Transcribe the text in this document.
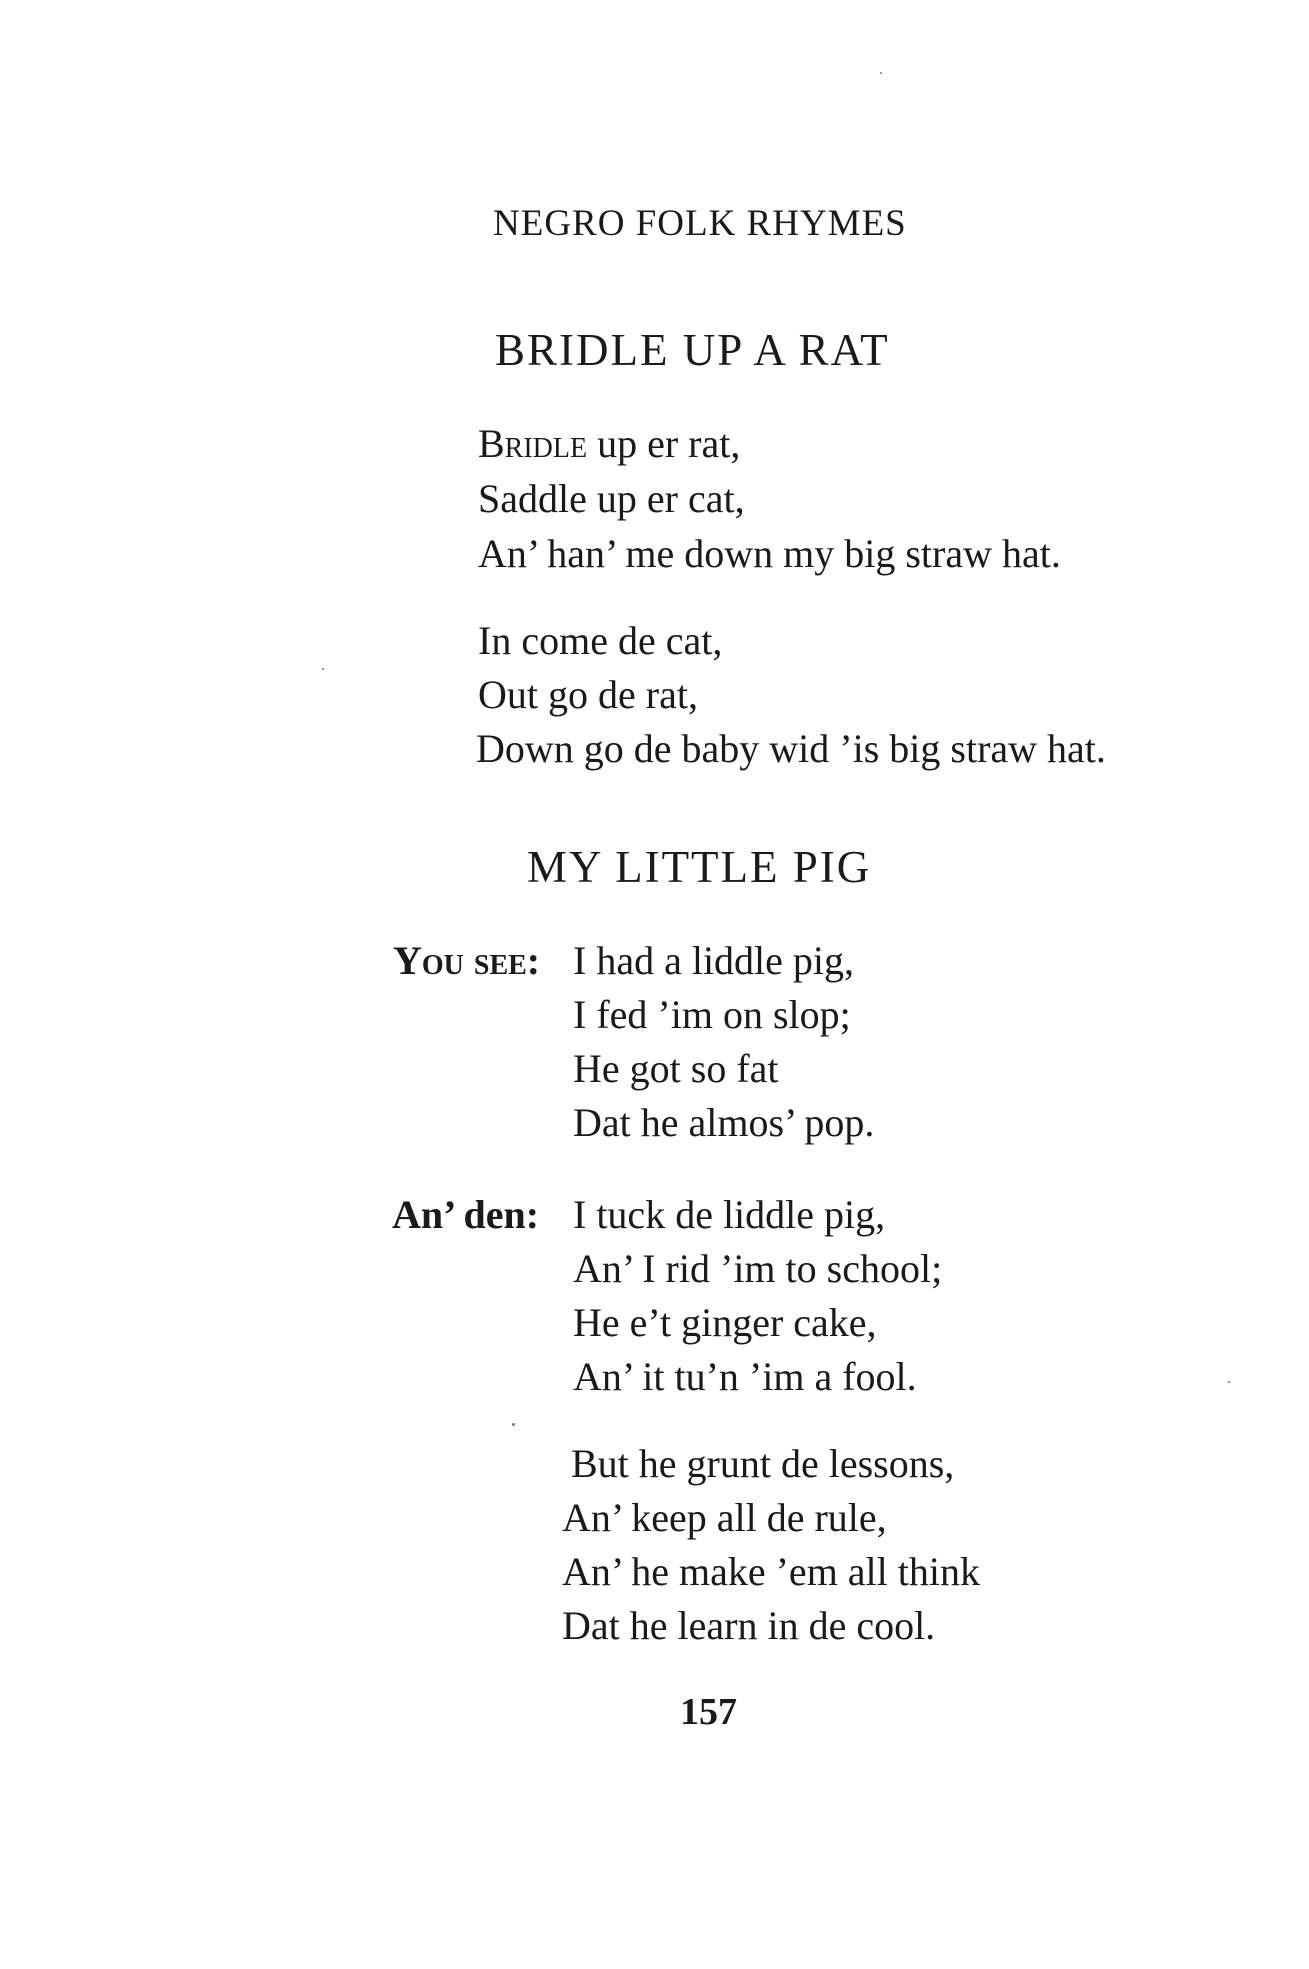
NEGRO FOLK RHYMES
BRIDLE UP A RAT
Bridle up er rat,
Saddle up er cat,
An’ han’ me down my big straw hat.
In come de cat,
Out go de rat,
Down go de baby wid ’is big straw hat.
MY LITTLE PIG
You see: I had a liddle pig,
I fed ’im on slop;
He got so fat
Dat he almos’ pop.
An’ den: I tuck de liddle pig,
An’ I rid ’im to school;
He e’t ginger cake,
An’ it tu’n ’im a fool.
But he grunt de lessons,
An’ keep all de rule,
An’ he make ’em all think
Dat he learn in de cool.
157
